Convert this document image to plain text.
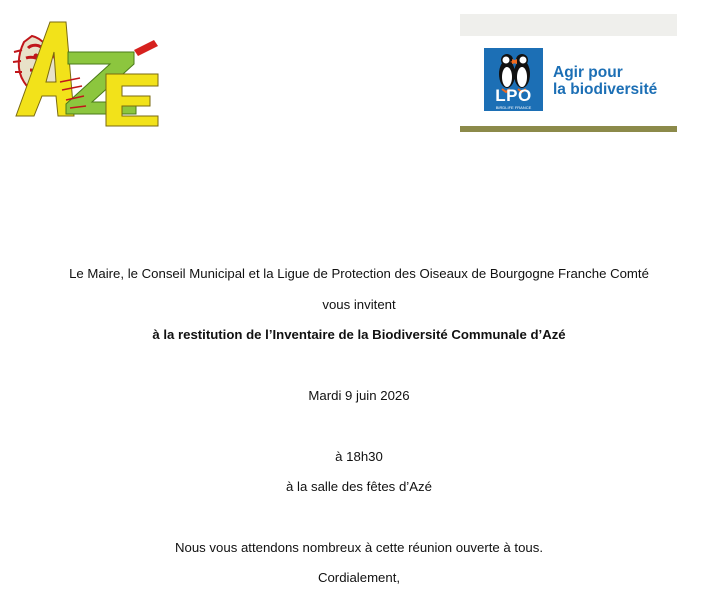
LPO
BIRDLIFE FRANCE
Agir pour
la biodiversité
Le Maire, le Conseil Municipal et la Ligue de Protection des Oiseaux de Bourgogne Franche Comté
vous invitent
à la restitution de l’Inventaire de la Biodiversité Communale d’Azé
Mardi 9 juin 2026
à 18h30
à la salle des fêtes d’Azé
Nous vous attendons nombreux à cette réunion ouverte à tous.
Cordialement,
